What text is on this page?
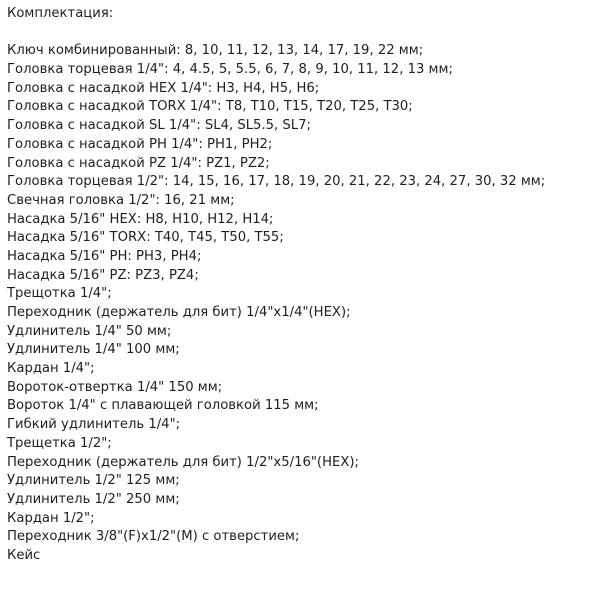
Комплектация:
Ключ комбинированный: 8, 10, 11, 12, 13, 14, 17, 19, 22 мм;
Головка торцевая 1/4": 4, 4.5, 5, 5.5, 6, 7, 8, 9, 10, 11, 12, 13 мм;
Головка с насадкой HEX 1/4": H3, H4, H5, H6;
Головка с насадкой TORX 1/4": T8, T10, T15, T20, T25, T30;
Головка с насадкой SL 1/4": SL4, SL5.5, SL7;
Головка с насадкой PH 1/4": PH1, PH2;
Головка с насадкой PZ 1/4": PZ1, PZ2;
Головка торцевая 1/2": 14, 15, 16, 17, 18, 19, 20, 21, 22, 23, 24, 27, 30, 32 мм;
Свечная головка 1/2": 16, 21 мм;
Насадка 5/16" HEX: H8, H10, H12, H14;
Насадка 5/16" TORX: T40, T45, T50, T55;
Насадка 5/16" PH: PH3, PH4;
Насадка 5/16" PZ: PZ3, PZ4;
Трещотка 1/4";
Переходник (держатель для бит) 1/4"x1/4"(HEX);
Удлинитель 1/4" 50 мм;
Удлинитель 1/4" 100 мм;
Кардан 1/4";
Вороток-отвертка 1/4" 150 мм;
Вороток 1/4" с плавающей головкой 115 мм;
Гибкий удлинитель 1/4";
Трещетка 1/2";
Переходник (держатель для бит) 1/2"x5/16"(HEX);
Удлинитель 1/2" 125 мм;
Удлинитель 1/2" 250 мм;
Кардан 1/2";
Переходник 3/8"(F)x1/2"(M) с отверстием;
Кейс
